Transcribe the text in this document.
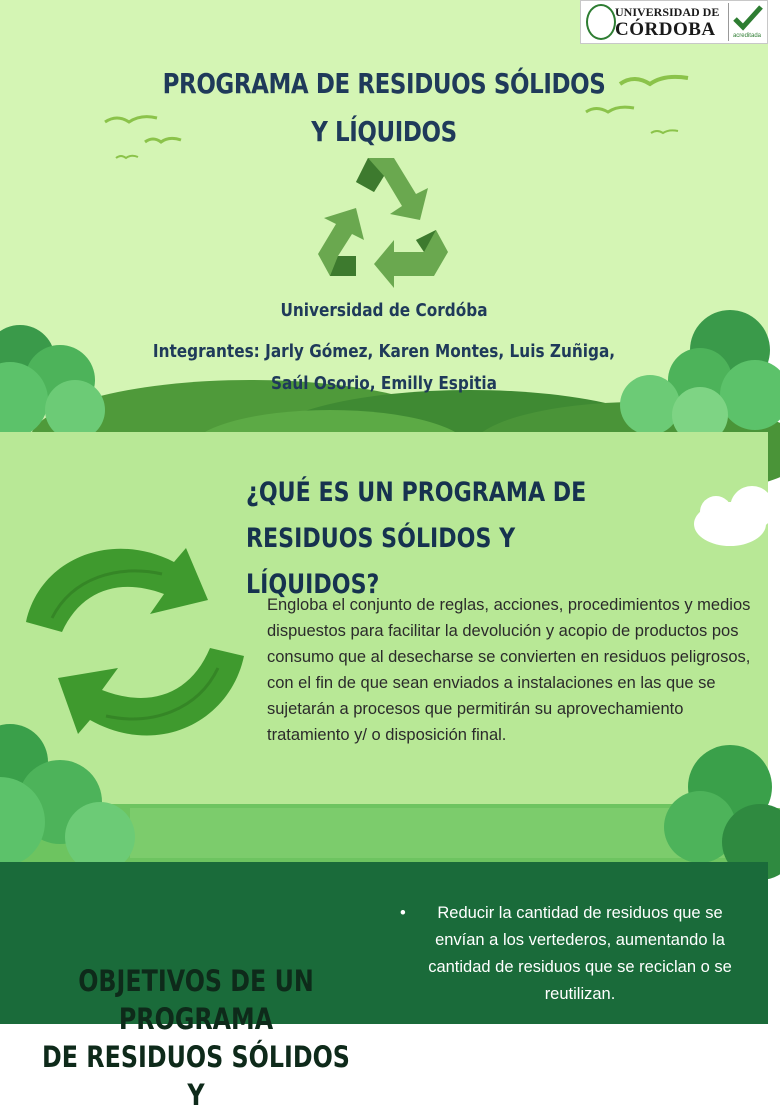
UNIVERSIDAD DE
CÓRDOBA	acreditada
PROGRAMA DE RESIDUOS SÓLIDOS Y LÍQUIDOS
Universidad de Cordóba
Integrantes: Jarly Gómez, Karen Montes, Luis Zuñiga,
Saúl Osorio, Emilly Espitia
¿QUÉ ES UN PROGRAMA DE
RESIDUOS SÓLIDOS Y LÍQUIDOS?
Engloba el conjunto de reglas, acciones, procedimientos y medios dispuestos para facilitar la devolución y acopio de productos pos consumo que al desecharse se convierten en residuos peligrosos, con el fin de que sean enviados a instalaciones en las que se sujetarán a procesos que permitirán su aprovechamiento tratamiento y/ o disposición final.
• Reducir la cantidad de residuos que se envían a los vertederos, aumentando la cantidad de residuos que se reciclan o se reutilizan.
OBJETIVOS DE UN PROGRAMA
DE RESIDUOS SÓLIDOS Y
